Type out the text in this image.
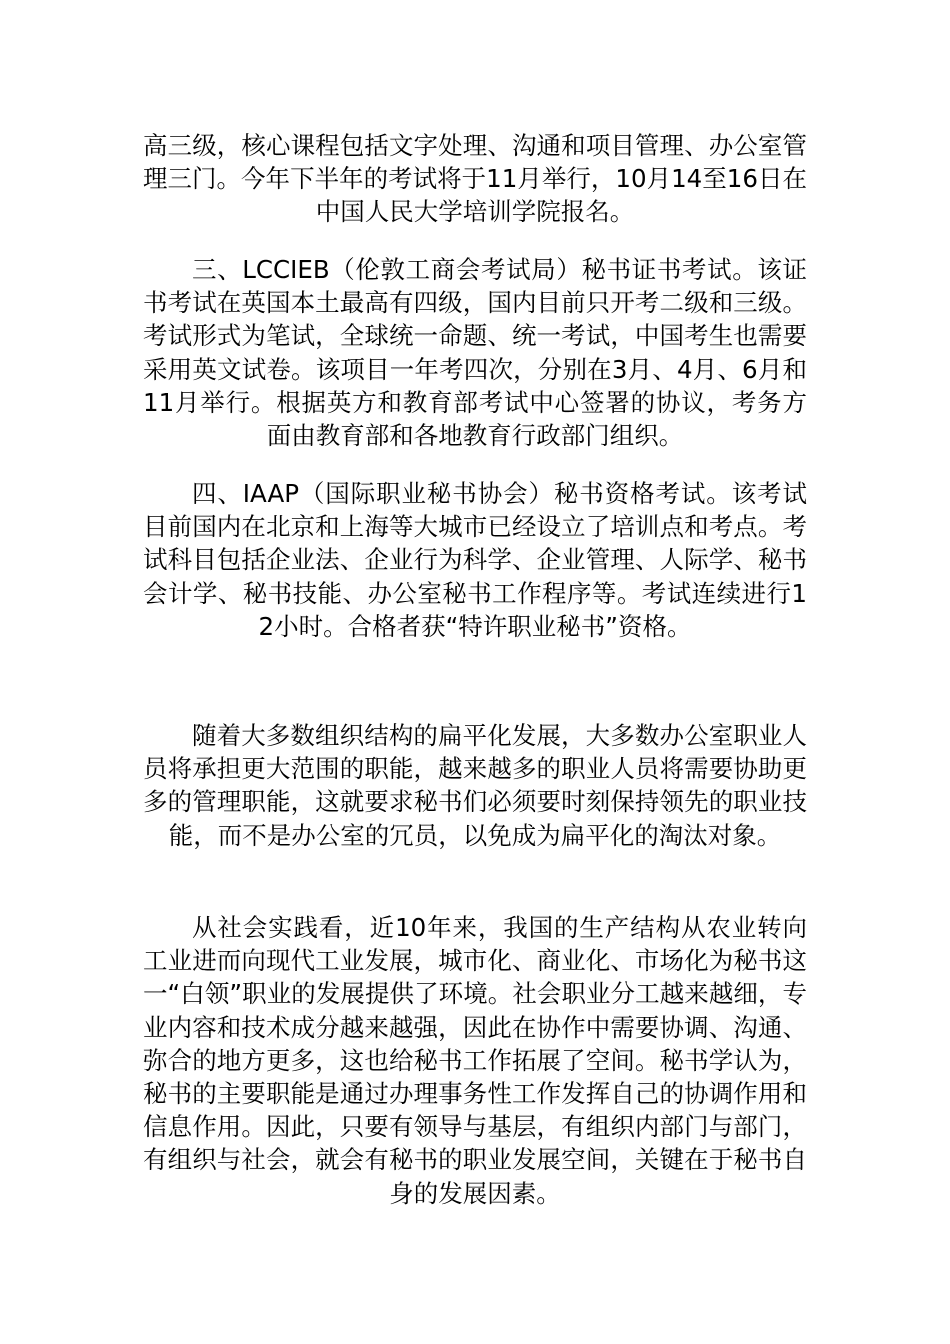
高三级，核心课程包括文字处理、沟通和项目管理、办公室管理三门。今年下半年的考试将于11月举行，10月14至16日在中国人民大学培训学院报名。

三、LCCIEB（伦敦工商会考试局）秘书证书考试。该证书考试在英国本土最高有四级，国内目前只开考二级和三级。考试形式为笔试，全球统一命题、统一考试，中国考生也需要采用英文试卷。该项目一年考四次，分别在3月、4月、6月和11月举行。根据英方和教育部考试中心签署的协议，考务方面由教育部和各地教育行政部门组织。

四、IAAP（国际职业秘书协会）秘书资格考试。该考试目前国内在北京和上海等大城市已经设立了培训点和考点。考试科目包括企业法、企业行为科学、企业管理、人际学、秘书会计学、秘书技能、办公室秘书工作程序等。考试连续进行12小时。合格者获“特许职业秘书”资格。

随着大多数组织结构的扁平化发展，大多数办公室职业人员将承担更大范围的职能，越来越多的职业人员将需要协助更多的管理职能，这就要求秘书们必须要时刻保持领先的职业技能，而不是办公室的冗员，以免成为扁平化的淘汰对象。

从社会实践看，近10年来，我国的生产结构从农业转向工业进而向现代工业发展，城市化、商业化、市场化为秘书这一“白领”职业的发展提供了环境。社会职业分工越来越细，专业内容和技术成分越来越强，因此在协作中需要协调、沟通、弥合的地方更多，这也给秘书工作拓展了空间。秘书学认为，秘书的主要职能是通过办理事务性工作发挥自己的协调作用和信息作用。因此，只要有领导与基层，有组织内部门与部门，有组织与社会，就会有秘书的职业发展空间，关键在于秘书自身的发展因素。
